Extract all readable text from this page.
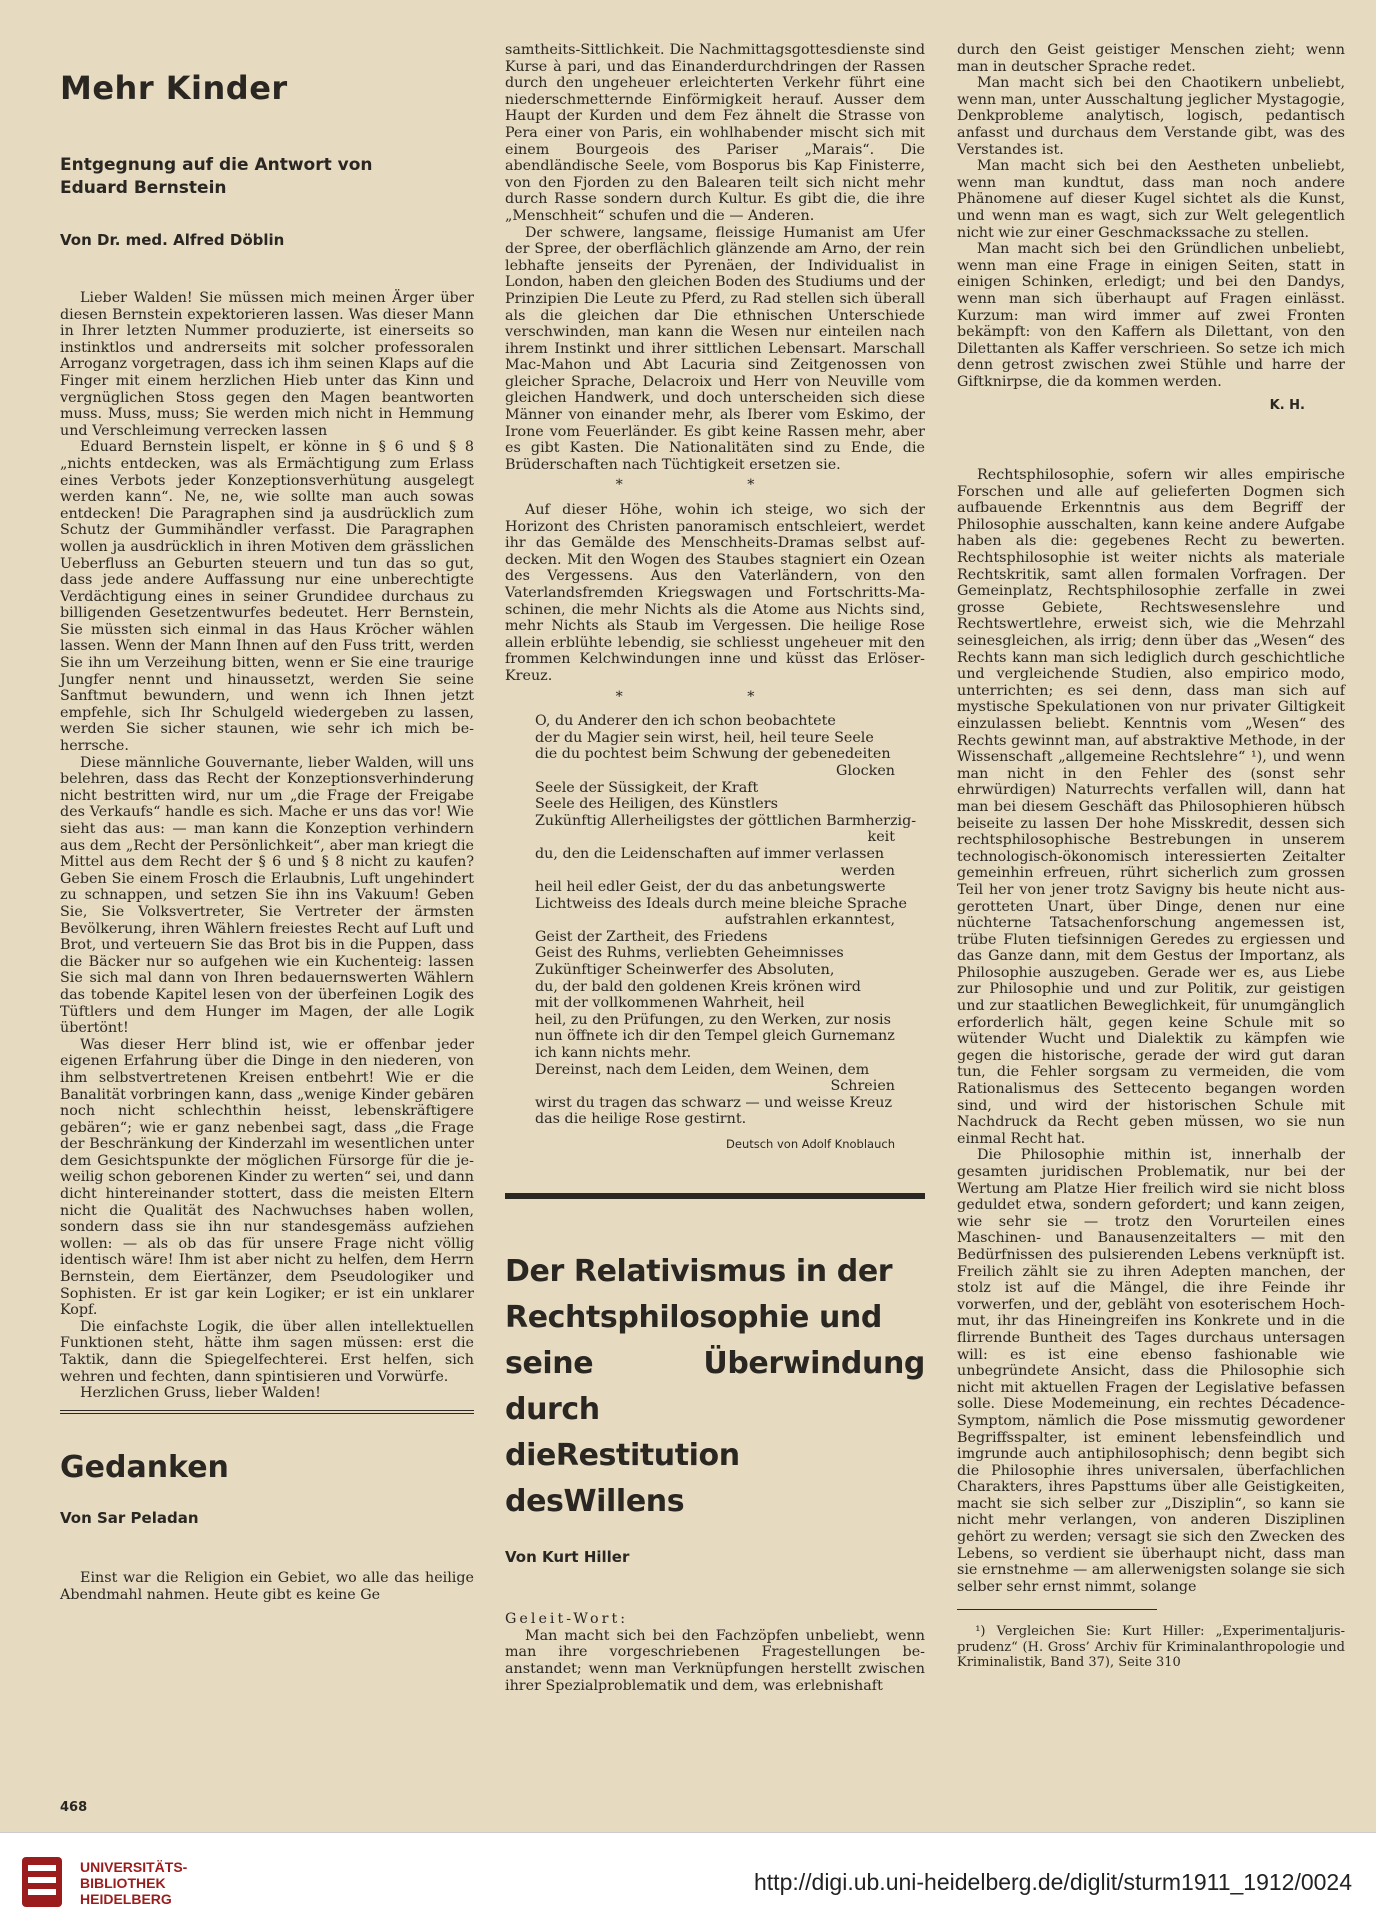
Mehr Kinder
Entgegnung auf die Antwort von
Eduard Bernstein
Von Dr. med. Alfred Döblin

Lieber Walden! Sie müssen mich meinen Ärger über diesen Bernstein expektorieren lassen. Was dieser Mann in Ihrer letzten Nummer produzierte, ist einerseits so instinktlos und andrerseits mit solcher professoralen Arroganz vorgetragen, dass ich ihm seinen Klaps auf die Finger mit einem herzlichen Hieb unter das Kinn und vergnüglichen Stoss gegen den Magen beantworten muss. Muss, muss; Sie werden mich nicht in Hemmung und Verschleimung verrecken lassen

Eduard Bernstein lispelt, er könne in § 6 und § 8 „nichts entdecken, was als Ermächtigung zum Erlass eines Verbots jeder Konzeptionsverhütung ausgelegt werden kann“. Ne, ne, wie sollte man auch sowas entdecken! Die Paragraphen sind ja ausdrücklich zum Schutz der Gummihändler verfasst. Die Paragraphen wollen ja ausdrücklich in ihren Motiven dem grässlichen Ueberfluss an Geburten steuern und tun das so gut, dass jede andere Auffassung nur eine unberechtigte Verdächtigung eines in seiner Grundidee durchaus zu billigenden Gesetzentwurfes bedeutet. Herr Bernstein, Sie müssten sich einmal in das Haus Kröcher wählen lassen. Wenn der Mann Ihnen auf den Fuss tritt, werden Sie ihn um Verzeihung bitten, wenn er Sie eine traurige Jungfer nennt und hinaussetzt, werden Sie seine Sanftmut bewundern, und wenn ich Ihnen jetzt empfehle, sich Ihr Schulgeld wiedergeben zu lassen, werden Sie sicher staunen, wie sehr ich mich beherrsche.

Diese männliche Gouvernante, lieber Walden, will uns belehren, dass das Recht der Konzeptionsverhinderung nicht bestritten wird, nur um „die Frage der Freigabe des Verkaufs“ handle es sich. Mache er uns das vor! Wie sieht das aus: — man kann die Konzeption verhindern aus dem „Recht der Persönlichkeit“, aber man kriegt die Mittel aus dem Recht der § 6 und § 8 nicht zu kaufen? Geben Sie einem Frosch die Erlaubnis, Luft ungehindert zu schnappen, und setzen Sie ihn ins Vakuum! Geben Sie, Sie Volksvertreter, Sie Vertreter der ärmsten Bevölkerung, ihren Wählern freiestes Recht auf Luft und Brot, und verteuern Sie das Brot bis in die Puppen, dass die Bäcker nur so aufgehen wie ein Kuchenteig: lassen Sie sich mal dann von Ihren bedauernswerten Wählern das tobende Kapitel lesen von der überfeinen Logik des Tüftlers und dem Hunger im Magen, der alle Logik übertönt!

Was dieser Herr blind ist, wie er offenbar jeder eigenen Erfahrung über die Dinge in den niederen, von ihm selbstvertretenen Kreisen entbehrt! Wie er die Banalität vorbringen kann, dass „wenige Kinder gebären noch nicht schlechthin heisst, lebenskräftigere gebären“; wie er ganz nebenbei sagt, dass „die Frage der Beschränkung der Kinderzahl im wesentlichen unter dem Gesichtspunkte der möglichen Fürsorge für die jeweilig schon geborenen Kinder zu werten“ sei, und dann dicht hintereinander stottert, dass die meisten Eltern nicht die Qualität des Nachwuchses haben wollen, sondern dass sie ihn nur standesgemäss aufziehen wollen: — als ob das für unsere Frage nicht völlig identisch wäre! Ihm ist aber nicht zu helfen, dem Herrn Bernstein, dem Eiertänzer, dem Pseudologiker und Sophisten. Er ist gar kein Logiker; er ist ein unklarer Kopf.

Die einfachste Logik, die über allen intellektuellen Funktionen steht, hätte ihm sagen müssen: erst die Taktik, dann die Spiegelfechterei. Erst helfen, sich wehren und fechten, dann spintisieren und Vorwürfe.

Herzlichen Gruss, lieber Walden!

Gedanken
Von Sar Peladan

Einst war die Religion ein Gebiet, wo alle das heilige Abendmahl nahmen. Heute gibt es keine Ge

samtheits-Sittlichkeit. Die Nachmittagsgottesdienste sind Kurse à pari, und das Einanderdurchdringen der Rassen durch den ungeheuer erleichterten Verkehr führt eine niederschmetternde Einförmigkeit herauf. Ausser dem Haupt der Kurden und dem Fez ähnelt die Strasse von Pera einer von Paris, ein wohlhabender mischt sich mit einem Bourgeois des Pariser „Marais“. Die abendländische Seele, vom Bosporus bis Kap Finisterre, von den Fjorden zu den Balearen teilt sich nicht mehr durch Rasse sondern durch Kultur. Es gibt die, die ihre „Menschheit“ schufen und die — Anderen.

Der schwere, langsame, fleissige Humanist am Ufer der Spree, der oberflächlich glänzende am Arno, der rein lebhafte jenseits der Pyrenäen, der Individualist in London, haben den gleichen Boden des Studiums und der Prinzipien Die Leute zu Pferd, zu Rad stellen sich überall als die gleichen dar Die ethnischen Unterschiede verschwinden, man kann die Wesen nur einteilen nach ihrem Instinkt und ihrer sittlichen Lebensart. Marschall Mac-Mahon und Abt Lacuria sind Zeitgenossen von gleicher Sprache, Delacroix und Herr von Neuville vom gleichen Handwerk, und doch unterscheiden sich diese Männer von einander mehr, als Iberer vom Eskimo, der Irone vom Feuerländer. Es gibt keine Rassen mehr, aber es gibt Kasten. Die Nationalitäten sind zu Ende, die Brüderschaften nach Tüchtigkeit ersetzen sie.

* *

Auf dieser Höhe, wohin ich steige, wo sich der Horizont des Christen panoramisch entschleiert, werdet ihr das Gemälde des Menschheits-Dramas selbst aufdecken. Mit den Wogen des Staubes stagniert ein Ozean des Vergessens. Aus den Vaterländern, von den Vaterlandsfremden Kriegswagen und Fortschritts-Maschinen, die mehr Nichts als die Atome aus Nichts sind, mehr Nichts als Staub im Vergessen. Die heilige Rose allein erblühte lebendig, sie schliesst ungeheuer mit den frommen Kelchwindungen inne und küsst das Erlöser-Kreuz.

* *
O, du Anderer den ich schon beobachtete
der du Magier sein wirst, heil, heil teure Seele
die du pochtest beim Schwung der gebenedeiten
Glocken
Seele der Süssigkeit, der Kraft
Seele des Heiligen, des Künstlers
Zukünftig Allerheiligstes der göttlichen Barmherzig-
keit
du, den die Leidenschaften auf immer verlassen
werden
heil heil edler Geist, der du das anbetungswerte
Lichtweiss des Ideals durch meine bleiche Sprache
aufstrahlen erkanntest,
Geist der Zartheit, des Friedens
Geist des Ruhms, verliebten Geheimnisses
Zukünftiger Scheinwerfer des Absoluten,
du, der bald den goldenen Kreis krönen wird
mit der vollkommenen Wahrheit, heil
heil, zu den Prüfungen, zu den Werken, zur nosis
nun öffnete ich dir den Tempel gleich Gurnemanz
ich kann nichts mehr.
Dereinst, nach dem Leiden, dem Weinen, dem
Schreien
wirst du tragen das schwarz — und weisse Kreuz
das die heilige Rose gestirnt.
Deutsch von Adolf Knoblauch
Der Relativismus in der
Rechtsphilosophie und
seine Überwindung durch
dieRestitution desWillens
Von Kurt Hiller

Geleit-Wort:

Man macht sich bei den Fachzöpfen unbeliebt, wenn man ihre vorgeschriebenen Fragestellungen beanstandet; wenn man Verknüpfungen herstellt zwischen ihrer Spezialproblematik und dem, was erlebnishaft

durch den Geist geistiger Menschen zieht; wenn man in deutscher Sprache redet.

Man macht sich bei den Chaotikern unbeliebt, wenn man, unter Ausschaltung jeglicher Mystagogie, Denkprobleme analytisch, logisch, pedantisch anfasst und durchaus dem Verstande gibt, was des Verstandes ist.

Man macht sich bei den Aestheten unbeliebt, wenn man kundtut, dass man noch andere Phänomene auf dieser Kugel sichtet als die Kunst, und wenn man es wagt, sich zur Welt gelegentlich nicht wie zur einer Geschmackssache zu stellen.

Man macht sich bei den Gründlichen unbeliebt, wenn man eine Frage in einigen Seiten, statt in einigen Schinken, erledigt; und bei den Dandys, wenn man sich überhaupt auf Fragen einlässt. Kurzum: man wird immer auf zwei Fronten bekämpft: von den Kaffern als Dilettant, von den Dilettanten als Kaffer verschrieen. So setze ich mich denn getrost zwischen zwei Stühle und harre der Giftknirpse, die da kommen werden.

K. H.

Rechtsphilosophie, sofern wir alles empirische Forschen und alle auf gelieferten Dogmen sich aufbauende Erkenntnis aus dem Begriff der Philosophie ausschalten, kann keine andere Aufgabe haben als die: gegebenes Recht zu bewerten. Rechtsphilosophie ist weiter nichts als materiale Rechtskritik, samt allen formalen Vorfragen. Der Gemeinplatz, Rechtsphilosophie zerfalle in zwei grosse Gebiete, Rechtswesenslehre und Rechtswertlehre, erweist sich, wie die Mehrzahl seinesgleichen, als irrig; denn über das „Wesen“ des Rechts kann man sich lediglich durch geschichtliche und vergleichende Studien, also empirico modo, unterrichten; es sei denn, dass man sich auf mystische Spekulationen von nur privater Giltigkeit einzulassen beliebt. Kenntnis vom „Wesen“ des Rechts gewinnt man, auf abstraktive Methode, in der Wissenschaft „allgemeine Rechtslehre“ ¹), und wenn man nicht in den Fehler des (sonst sehr ehrwürdigen) Naturrechts verfallen will, dann hat man bei diesem Geschäft das Philosophieren hübsch beiseite zu lassen Der hohe Misskredit, dessen sich rechtsphilosophische Bestrebungen in unserem technologisch-ökonomisch interessierten Zeitalter gemeinhin erfreuen, rührt sicherlich zum grossen Teil her von jener trotz Savigny bis heute nicht ausgerotteten Unart, über Dinge, denen nur eine nüchterne Tatsachenforschung angemessen ist, trübe Fluten tiefsinnigen Geredes zu ergiessen und das Ganze dann, mit dem Gestus der Importanz, als Philosophie auszugeben. Gerade wer es, aus Liebe zur Philosophie und und zur Politik, zur geistigen und zur staatlichen Beweglichkeit, für unumgänglich erforderlich hält, gegen keine Schule mit so wütender Wucht und Dialektik zu kämpfen wie gegen die historische, gerade der wird gut daran tun, die Fehler sorgsam zu vermeiden, die vom Rationalismus des Settecento begangen worden sind, und wird der historischen Schule mit Nachdruck da Recht geben müssen, wo sie nun einmal Recht hat.

Die Philosophie mithin ist, innerhalb der gesamten juridischen Problematik, nur bei der Wertung am Platze Hier freilich wird sie nicht bloss geduldet etwa, sondern gefordert; und kann zeigen, wie sehr sie — trotz den Vorurteilen eines Maschinen- und Banausenzeitalters — mit den Bedürfnissen des pulsierenden Lebens verknüpft ist. Freilich zählt sie zu ihren Adepten manchen, der stolz ist auf die Mängel, die ihre Feinde ihr vorwerfen, und der, gebläht von esoterischem Hochmut, ihr das Hineingreifen ins Konkrete und in die flirrende Buntheit des Tages durchaus untersagen will: es ist eine ebenso fashionable wie unbegründete Ansicht, dass die Philosophie sich nicht mit aktuellen Fragen der Legislative befassen solle. Diese Modemeinung, ein rechtes Décadence-Symptom, nämlich die Pose missmutig gewordener Begriffsspalter, ist eminent lebensfeindlich und imgrunde auch antiphilosophisch; denn begibt sich die Philosophie ihres universalen, überfachlichen Charakters, ihres Papsttums über alle Geistigkeiten, macht sie sich selber zur „Disziplin“, so kann sie nicht mehr verlangen, von anderen Disziplinen gehört zu werden; versagt sie sich den Zwecken des Lebens, so verdient sie überhaupt nicht, dass man sie ernstnehme — am allerwenigsten solange sie sich selber sehr ernst nimmt, solange

¹) Vergleichen Sie: Kurt Hiller: „Experimentaljurisprudenz“ (H. Gross’ Archiv für Kriminalanthropologie und Kriminalistik, Band 37), Seite 310

468
UNIVERSITÄTS-
BIBLIOTHEK
HEIDELBERG
http://digi.ub.uni-heidelberg.de/diglit/sturm1911_1912/0024
